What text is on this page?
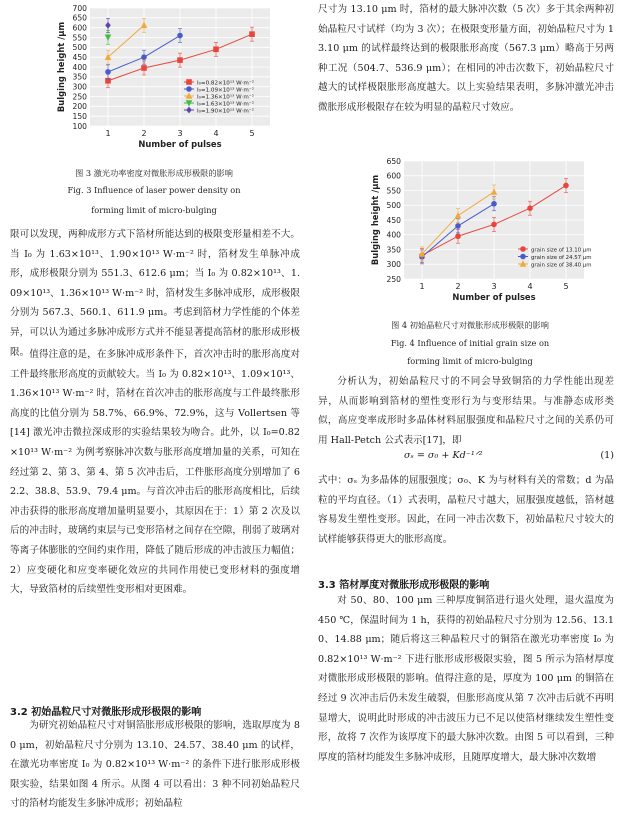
100
150
200
250
300
350
400
450
500
550
600
650
700
1	2	3	4	5
Number of pulses
Bulging height /μm	I₀=0.82×10¹³ W·m⁻²
I₀=1.09×10¹³ W·m⁻²
I₀=1.36×10¹³ W·m⁻²
I₀=1.63×10¹³ W·m⁻²
I₀=1.90×10¹³ W·m⁻²
图 3 激光功率密度对微胀形成形极限的影响
Fig. 3 Influence of laser power density on
forming limit of micro-bulging

限可以发现，两种成形方式下箔材所能达到的极限变形量相差不大。当 I₀ 为 1.63×10¹³、1.90×10¹³ W·m⁻² 时，箔材发生单脉冲成形，成形极限分别为 551.3、612.6 μm；当 I₀ 为 0.82×10¹³、1.09×10¹³、1.36×10¹³ W·m⁻² 时，箔材发生多脉冲成形，成形极限分别为 567.3、560.1、611.9 μm。考虑到箔材力学性能的个体差异，可以认为通过多脉冲成形方式并不能显著提高箔材的胀形成形极限。 值得注意的是，在多脉冲成形条件下，首次冲击时的胀形高度对工件最终胀形高度的贡献较大。当 I₀ 为 0.82×10¹³、1.09×10¹³、1.36×10¹³ W·m⁻² 时，箔材在首次冲击的胀形高度与工件最终胀形高度的比值分别为 58.7%、66.9%、72.9%，这与 Vollertsen 等[14] 激光冲击微拉深成形的实验结果较为吻合。此外，以 I₀=0.82×10¹³ W·m⁻² 为例考察脉冲次数与胀形高度增加量的关系，可知在经过第 2、第 3、第 4、第 5 次冲击后，工件胀形高度分别增加了 62.2、38.8、53.9、79.4 μm。与首次冲击后的胀形高度相比，后续冲击获得的胀形高度增加量明显要小，其原因在于：1）第 2 次及以后的冲击时，玻璃约束层与已变形箔材之间存在空隙，削弱了玻璃对等离子体膨胀的空间约束作用，降低了随后形成的冲击波压力幅值；2）应变硬化和应变率硬化效应的共同作用使已变形材料的强度增大，导致箔材的后续塑性变形相对更困难。

3.2 初始晶粒尺寸对微胀形成形极限的影响

为研究初始晶粒尺寸对铜箔胀形成形极限的影响，选取厚度为 80 μm，初始晶粒尺寸分别为 13.10、24.57、38.40 μm 的试样，在激光功率密度 I₀ 为 0.82×10¹³ W·m⁻² 的条件下进行胀形成形极限实验，结果如图 4 所示。从图 4 可以看出：3 种不同初始晶粒尺寸的箔材均能发生多脉冲成形；初始晶粒

尺寸为 13.10 μm 时，箔材的最大脉冲次数（5 次）多于其余两种初始晶粒尺寸试样（均为 3 次）；在极限变形量方面，初始晶粒尺寸为 13.10 μm 的试样最终达到的极限胀形高度（567.3 μm）略高于另两种工况（504.7、536.9 μm）；在相同的冲击次数下，初始晶粒尺寸越大的试样极限胀形高度越大。以上实验结果表明，多脉冲激光冲击微胀形成形极限存在较为明显的晶粒尺寸效应。

250
300
350
400
450
500
550
600
650
1	2	3	4	5
Number of pulses
Bulging height /μm	grain size of 13.10 μm
grain size of 24.57 μm
grain size of 38.40 μm
图 4 初始晶粒尺寸对微胀形成形极限的影响
Fig. 4 Influence of initial grain size on
forming limit of micro-bulging

分析认为，初始晶粒尺寸的不同会导致铜箔的力学性能出现差异，从而影响到箔材的塑性变形行为与变形结果。与准静态成形类似，高应变率成形时多晶体材料屈服强度和晶粒尺寸之间的关系仍可用 Hall-Petch 公式表示[17]，即

σₛ = σ₀ + Kd⁻¹ᐟ²	(1)

式中：σₛ 为多晶体的屈服强度；σ₀、K 为与材料有关的常数；d 为晶粒的平均直径。（1）式表明，晶粒尺寸越大，屈服强度越低，箔材越容易发生塑性变形。因此，在同一冲击次数下，初始晶粒尺寸较大的试样能够获得更大的胀形高度。

3.3 箔材厚度对微胀形成形极限的影响

对 50、80、100 μm 三种厚度铜箔进行退火处理，退火温度为 450 ℃，保温时间为 1 h，获得的初始晶粒尺寸分别为 12.56、13.10、14.88 μm；随后将这三种晶粒尺寸的铜箔在激光功率密度 I₀ 为 0.82×10¹³ W·m⁻² 下进行胀形成形极限实验，图 5 所示为箔材厚度对微胀形成形极限的影响。值得注意的是，厚度为 100 μm 的铜箔在经过 9 次冲击后仍未发生破裂，但胀形高度从第 7 次冲击后就不再明显增大，说明此时形成的冲击波压力已不足以使箔材继续发生塑性变形，故将 7 次作为该厚度下的最大脉冲次数。由图 5 可以看到，三种厚度的箔材均能发生多脉冲成形，且随厚度增大，最大脉冲次数增
